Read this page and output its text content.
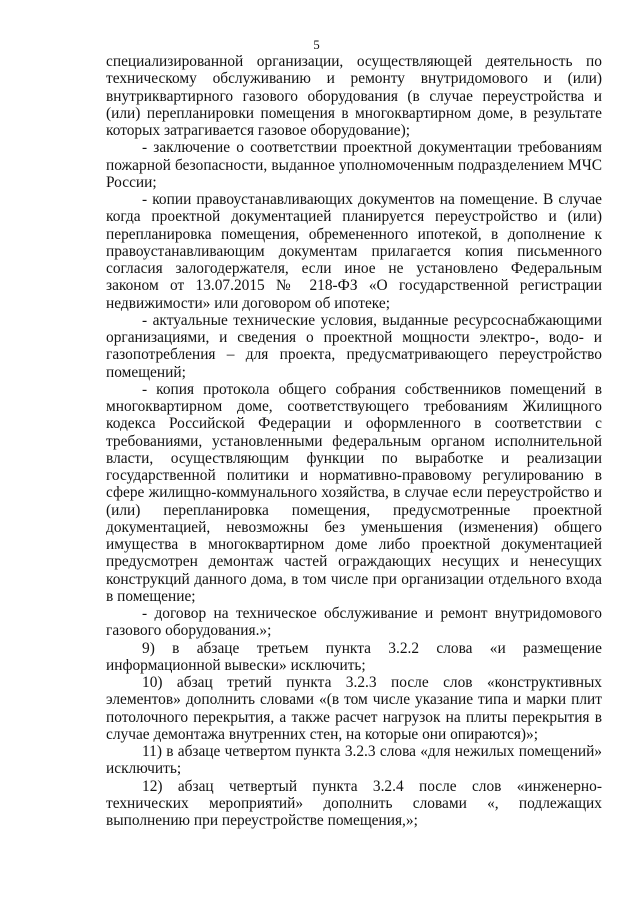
5

специализированной организации, осуществляющей деятельность по техническому обслуживанию и ремонту внутридомового и (или) внутриквартирного газового оборудования (в случае переустройства и (или) перепланировки помещения в многоквартирном доме, в результате которых затрагивается газовое оборудование);

- заключение о соответствии проектной документации требованиям пожарной безопасности, выданное уполномоченным подразделением МЧС России;

- копии правоустанавливающих документов на помещение. В случае когда проектной документацией планируется переустройство и (или) перепланировка помещения, обремененного ипотекой, в дополнение к правоустанавливающим документам прилагается копия письменного согласия залогодержателя, если иное не установлено Федеральным законом от 13.07.2015 № 218-ФЗ «О государственной регистрации недвижимости» или договором об ипотеке;

- актуальные технические условия, выданные ресурсоснабжающими организациями, и сведения о проектной мощности электро-, водо- и газопотребления – для проекта, предусматривающего переустройство помещений;

- копия протокола общего собрания собственников помещений в многоквартирном доме, соответствующего требованиям Жилищного кодекса Российской Федерации и оформленного в соответствии с требованиями, установленными федеральным органом исполнительной власти, осуществляющим функции по выработке и реализации государственной политики и нормативно-правовому регулированию в сфере жилищно-коммунального хозяйства, в случае если переустройство и (или) перепланировка помещения, предусмотренные проектной документацией, невозможны без уменьшения (изменения) общего имущества в многоквартирном доме либо проектной документацией предусмотрен демонтаж частей ограждающих несущих и ненесущих конструкций данного дома, в том числе при организации отдельного входа в помещение;

- договор на техническое обслуживание и ремонт внутридомового газового оборудования.»;

9) в абзаце третьем пункта 3.2.2 слова «и размещение информационной вывески» исключить;

10) абзац третий пункта 3.2.3 после слов «конструктивных элементов» дополнить словами «(в том числе указание типа и марки плит потолочного перекрытия, а также расчет нагрузок на плиты перекрытия в случае демонтажа внутренних стен, на которые они опираются)»;

11) в абзаце четвертом пункта 3.2.3 слова «для нежилых помещений» исключить;

12) абзац четвертый пункта 3.2.4 после слов «инженерно-технических мероприятий» дополнить словами «, подлежащих выполнению при переустройстве помещения,»;
